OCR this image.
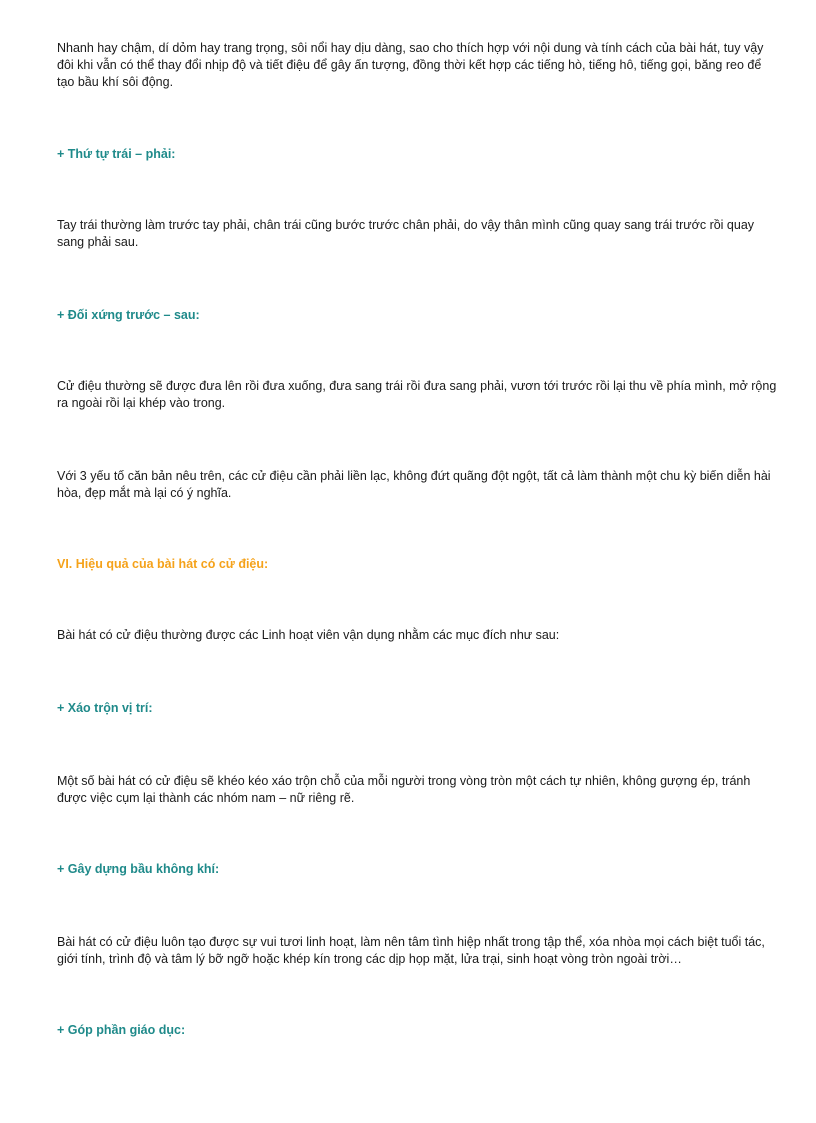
Nhanh hay chậm, dí dỏm hay trang trọng, sôi nổi hay dịu dàng, sao cho thích hợp với nội dung và tính cách của bài hát, tuy vậy đôi khi vẫn có thể thay đổi nhịp độ và tiết điệu để gây ấn tượng, đồng thời kết hợp các tiếng hò, tiếng hô, tiếng gọi, băng reo để tạo bầu khí sôi động.

+ Thứ tự trái – phải:

Tay trái thường làm trước tay phải, chân trái cũng bước trước chân phải, do vậy thân mình cũng quay sang trái trước rồi quay sang phải sau.

+ Đối xứng trước – sau:

Cử điệu thường sẽ được đưa lên rồi đưa xuống, đưa sang trái rồi đưa sang phải, vươn tới trước rồi lại thu về phía mình, mở rộng ra ngoài rồi lại khép vào trong.

Với 3 yếu tố căn bản nêu trên, các cử điệu cần phải liền lạc, không đứt quãng đột ngột, tất cả làm thành một chu kỳ biến diễn hài hòa, đẹp mắt mà lại có ý nghĩa.

VI. Hiệu quả của bài hát có cử điệu:

Bài hát có cử điệu thường được các Linh hoạt viên vận dụng nhằm các mục đích như sau:

+ Xáo trộn vị trí:

Một số bài hát có cử điệu sẽ khéo kéo xáo trộn chỗ của mỗi người trong vòng tròn một cách tự nhiên, không gượng ép, tránh được việc cụm lại thành các nhóm nam – nữ riêng rẽ.

+ Gây dựng bầu không khí:

Bài hát có cử điệu luôn tạo được sự vui tươi linh hoạt, làm nên tâm tình hiệp nhất trong tập thể, xóa nhòa mọi cách biệt tuổi tác, giới tính, trình độ và tâm lý bỡ ngỡ hoặc khép kín trong các dịp họp mặt, lửa trại, sinh hoạt vòng tròn ngoài trời…

+ Góp phần giáo dục:
